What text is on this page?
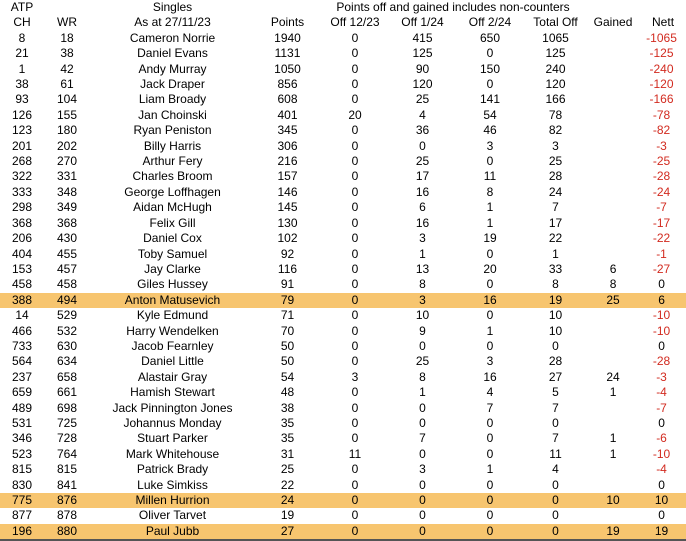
ATP		Singles		Points off and gained includes non-counters					
CH	WR	As at 27/11/23	Points	Off 12/23	Off 1/24	Off 2/24	Total Off	Gained	Nett
8	18	Cameron Norrie	1940	0	415	650	1065		-1065
21	38	Daniel Evans	1131	0	125	0	125		-125
1	42	Andy Murray	1050	0	90	150	240		-240
38	61	Jack Draper	856	0	120	0	120		-120
93	104	Liam Broady	608	0	25	141	166		-166
126	155	Jan Choinski	401	20	4	54	78		-78
123	180	Ryan Peniston	345	0	36	46	82		-82
201	202	Billy Harris	306	0	0	3	3		-3
268	270	Arthur Fery	216	0	25	0	25		-25
322	331	Charles Broom	157	0	17	11	28		-28
333	348	George Loffhagen	146	0	16	8	24		-24
298	349	Aidan McHugh	145	0	6	1	7		-7
368	368	Felix Gill	130	0	16	1	17		-17
206	430	Daniel Cox	102	0	3	19	22		-22
404	455	Toby Samuel	92	0	1	0	1		-1
153	457	Jay Clarke	116	0	13	20	33	6	-27
458	458	Giles Hussey	91	0	8	0	8	8	0
388	494	Anton Matusevich	79	0	3	16	19	25	6
14	529	Kyle Edmund	71	0	10	0	10		-10
466	532	Harry Wendelken	70	0	9	1	10		-10
733	630	Jacob Fearnley	50	0	0	0	0		0
564	634	Daniel Little	50	0	25	3	28		-28
237	658	Alastair Gray	54	3	8	16	27	24	-3
659	661	Hamish Stewart	48	0	1	4	5	1	-4
489	698	Jack Pinnington Jones	38	0	0	7	7		-7
531	725	Johannus Monday	35	0	0	0	0		0
346	728	Stuart Parker	35	0	7	0	7	1	-6
523	764	Mark Whitehouse	31	11	0	0	11	1	-10
815	815	Patrick Brady	25	0	3	1	4		-4
830	841	Luke Simkiss	22	0	0	0	0		0
775	876	Millen Hurrion	24	0	0	0	0	10	10
877	878	Oliver Tarvet	19	0	0	0	0		0
196	880	Paul Jubb	27	0	0	0	0	19	19
